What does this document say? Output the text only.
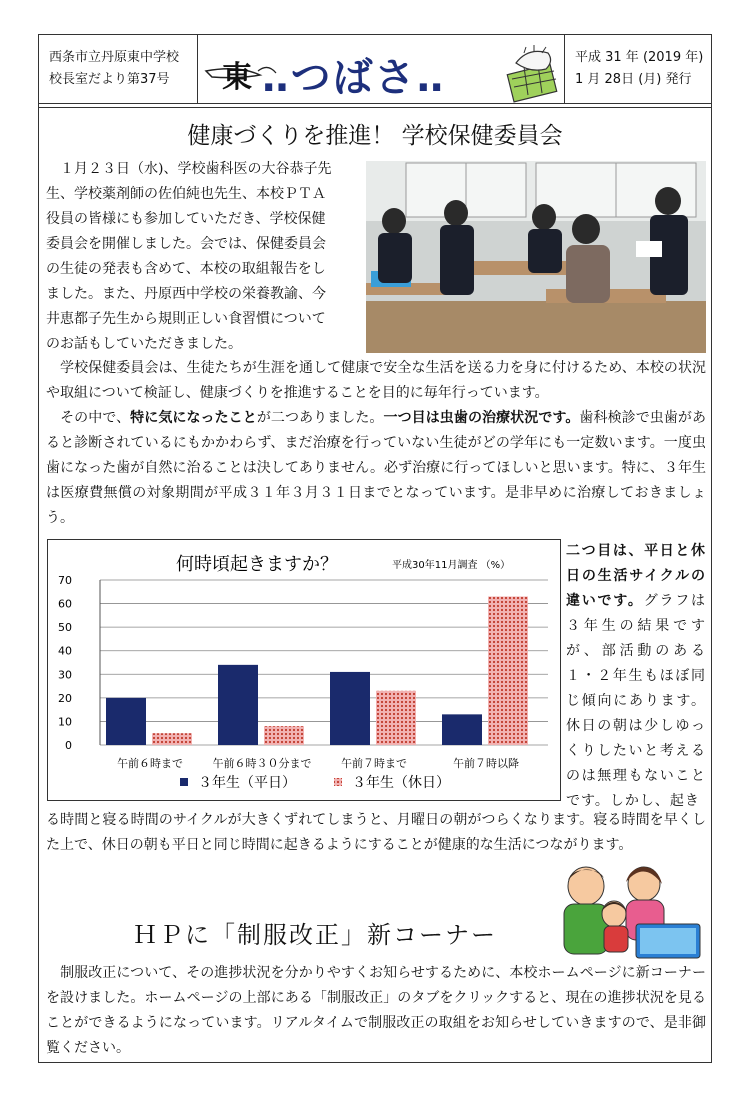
西条市立丹原東中学校
校長室だより第37号	東 ‥つばさ‥	平成 31 年 (2019 年)
1 月 28日 (月) 発行
健康づくりを推進！ 学校保健委員会
　１月２３日（水)、学校歯科医の大谷恭子先
生、学校薬剤師の佐伯純也先生、本校ＰＴＡ
役員の皆様にも参加していただき、学校保健
委員会を開催しました。会では、保健委員会
の生徒の発表も含めて、本校の取組報告をし
ました。また、丹原西中学校の栄養教諭、今
井恵都子先生から規則正しい食習慣について
のお話もしていただきました。

　学校保健委員会は、生徒たちが生涯を通して健康で安全な生活を送る力を身に付けるため、本校の状況や取組について検証し、健康づくりを推進することを目的に毎年行っています。

　その中で、特に気になったことが二つありました。一つ目は虫歯の治療状況です。歯科検診で虫歯があると診断されているにもかかわらず、まだ治療を行っていない生徒がどの学年にも一定数います。一度虫歯になった歯が自然に治ることは決してありません。必ず治療に行ってほしいと思います。特に、３年生は医療費無償の対象期間が平成３１年３月３１日までとなっています。是非早めに治療しておきましょう。

何時頃起きますか？	平成30年11月調査 （%）
0
10
20
30
40
50
60
70
午前６時まで	午前６時３０分まで	午前７時まで	午前７時以降
３年生（平日）	３年生（休日）

二つ目は、平日と休日の生活サイクルの違いです。グラフは３年生の結果ですが、部活動のある１・２年生もほぼ同じ傾向にあります。休日の朝は少しゆっくりしたいと考えるのは無理もないことです。しかし、起き

る時間と寝る時間のサイクルが大きくずれてしまうと、月曜日の朝がつらくなります。寝る時間を早くした上で、休日の朝も平日と同じ時間に起きるようにすることが健康的な生活につながります。

ＨＰに「制服改正」新コーナー

　制服改正について、その進捗状況を分かりやすくお知らせするために、本校ホームページに新コーナーを設けました。ホームページの上部にある「制服改正」のタブをクリックすると、現在の進捗状況を見ることができるようになっています。リアルタイムで制服改正の取組をお知らせしていきますので、是非御覧ください。
